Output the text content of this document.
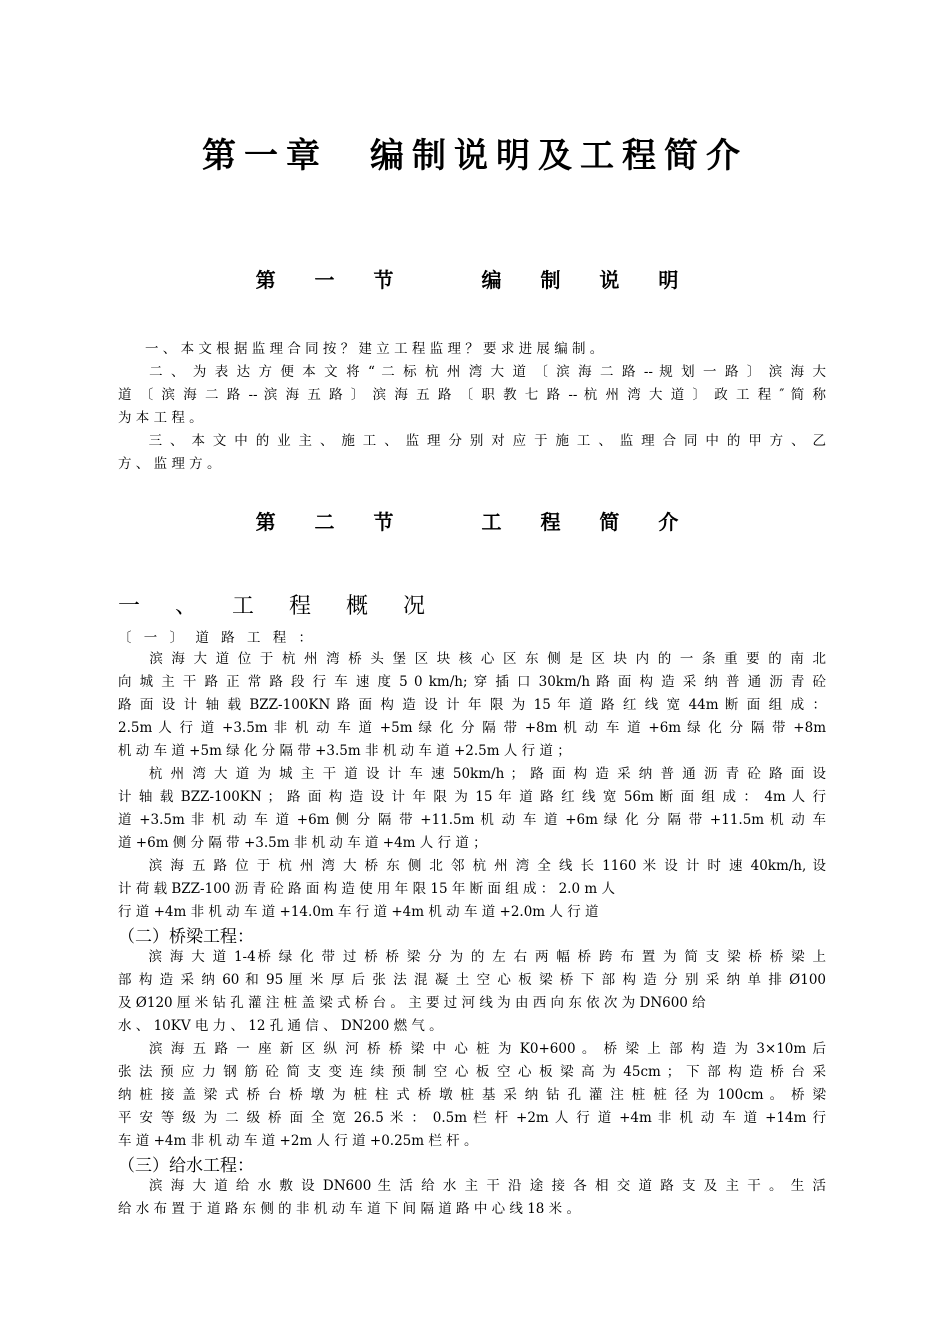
第一章　编制说明及工程简介
第 一 节　　编 制 说 明
　　一 、 本 文 根 据 监 理 合 同 按 ？ 建 立 工 程 监 理 ？ 要 求 进 展 编 制 。
　　二 、 为 表 达 方 便 本 文 将 “ 二 标 杭 州 湾 大 道 〔 滨 海 二 路 -- 规 划 一 路 〕 滨 海 大
道 〔 滨 海 二 路 -- 滨 海 五 路 〕 滨 海 五 路 〔 职 教 七 路 -- 杭 州 湾 大 道 〕 政 工 程 ″ 简 称
为 本 工 程 。
　　三 、 本 文 中 的 业 主 、 施 工 、 监 理 分 别 对 应 于 施 工 、 监 理 合 同 中 的 甲 方 、 乙
方 、 监 理 方 。
第 二 节　　工 程 简 介
一 、 工 程 概 况
〔 一 〕 道 路 工 程 ：
　　滨 海 大 道 位 于 杭 州 湾 桥 头 堡 区 块 核 心 区 东 侧 是 区 块 内 的 一 条 重 要 的 南 北
向 城 主 干 路 正 常 路 段 行 车 速 度 5 0 km/h; 穿 插 口 30km/h 路 面 构 造 采 纳 普 通 沥 青 砼
路 面 设 计 轴 载 BZZ-100KN 路 面 构 造 设 计 年 限 为 15 年 道 路 红 线 宽 44m 断 面 组 成 ：
2.5m 人 行 道 +3.5m 非 机 动 车 道 +5m 绿 化 分 隔 带 +8m 机 动 车 道 +6m 绿 化 分 隔 带 +8m
机 动 车 道 +5m 绿 化 分 隔 带 +3.5m 非 机 动 车 道 +2.5m 人 行 道 ；
　　杭 州 湾 大 道 为 城 主 干 道 设 计 车 速 50km/h ； 路 面 构 造 采 纳 普 通 沥 青 砼 路 面 设
计 轴 载 BZZ-100KN ； 路 面 构 造 设 计 年 限 为 15 年 道 路 红 线 宽 56m 断 面 组 成 ： 4m 人 行
道 +3.5m 非 机 动 车 道 +6m 侧 分 隔 带 +11.5m 机 动 车 道 +6m 绿 化 分 隔 带 +11.5m 机 动 车
道 +6m 侧 分 隔 带 +3.5m 非 机 动 车 道 +4m 人 行 道 ；
　　滨 海 五 路 位 于 杭 州 湾 大 桥 东 侧 北 邻 杭 州 湾 全 线 长 1160 米 设 计 时 速 40km/h, 设
计 荷 载 BZZ-100 沥 青 砼 路 面 构 造 使 用 年 限 15 年 断 面 组 成 ： 2.0 m 人
行 道 +4m 非 机 动 车 道 +14.0m 车 行 道 +4m 机 动 车 道 +2.0m 人 行 道
（二）桥梁工程：
　　滨 海 大 道 1-4桥 绿 化 带 过 桥 桥 梁 分 为 的 左 右 两 幅 桥 跨 布 置 为 简 支 梁 桥 桥 梁 上
部 构 造 采 纳 60 和 95 厘 米 厚 后 张 法 混 凝 土 空 心 板 梁 桥 下 部 构 造 分 别 采 纳 单 排 Ø100
及 Ø120 厘 米 钻 孔 灌 注 桩 盖 梁 式 桥 台 。 主 要 过 河 线 为 由 西 向 东 依 次 为 DN600 给
水 、 10KV 电 力 、 12 孔 通 信 、 DN200 燃 气 。
　　滨 海 五 路 一 座 新 区 纵 河 桥 桥 梁 中 心 桩 为 K0+600 。 桥 梁 上 部 构 造 为 3×10m 后
张 法 预 应 力 钢 筋 砼 简 支 变 连 续 预 制 空 心 板 空 心 板 梁 高 为 45cm ； 下 部 构 造 桥 台 采
纳 桩 接 盖 梁 式 桥 台 桥 墩 为 桩 柱 式 桥 墩 桩 基 采 纳 钻 孔 灌 注 桩 桩 径 为 100cm 。 桥 梁
平 安 等 级 为 二 级 桥 面 全 宽 26.5 米 ： 0.5m 栏 杆 +2m 人 行 道 +4m 非 机 动 车 道 +14m 行
车 道 +4m 非 机 动 车 道 +2m 人 行 道 +0.25m 栏 杆 。
（三）给水工程：
　　滨 海 大 道 给 水 敷 设 DN600 生 活 给 水 主 干 沿 途 接 各 相 交 道 路 支 及 主 干 。 生 活
给 水 布 置 于 道 路 东 侧 的 非 机 动 车 道 下 间 隔 道 路 中 心 线 18 米 。
